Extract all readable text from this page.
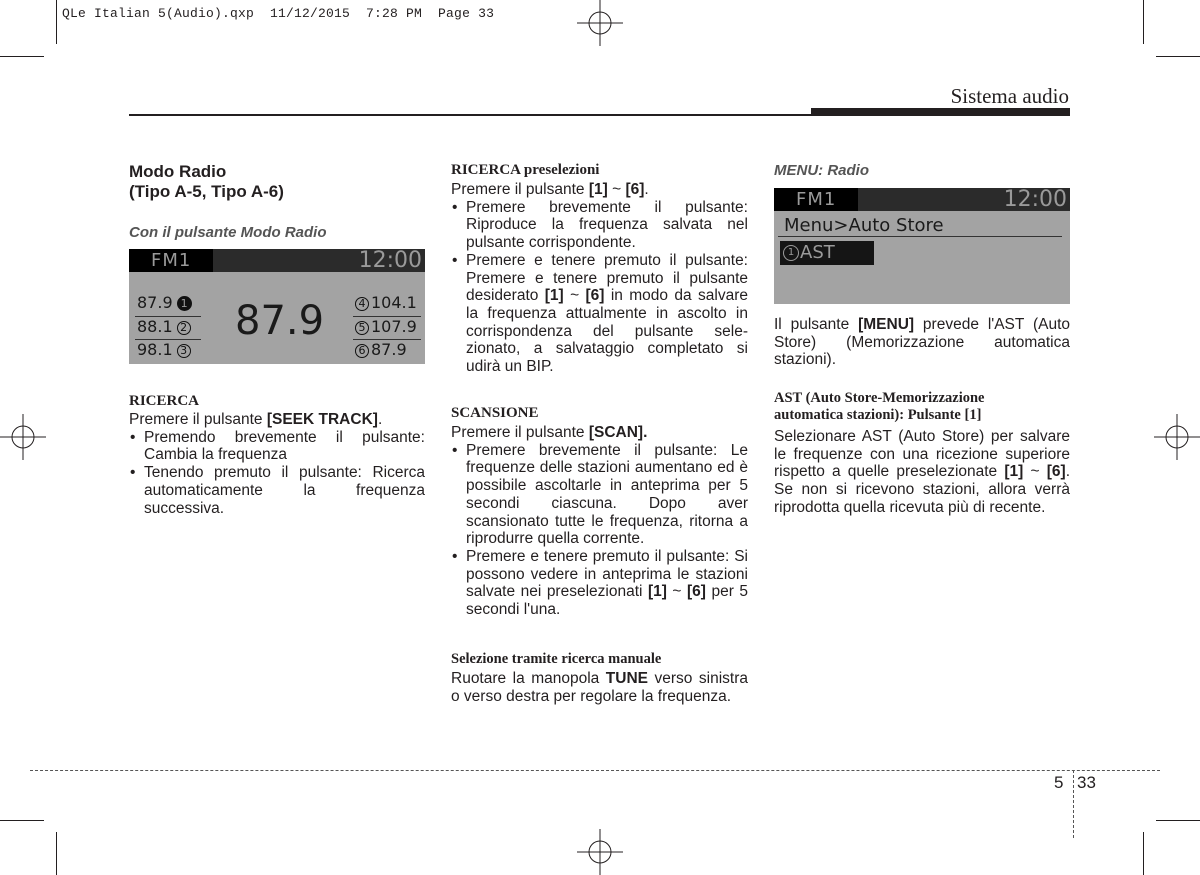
QLe Italian 5(Audio).qxp  11/12/2015  7:28 PM  Page 33
Sistema audio
Modo Radio
(Tipo A-5, Tipo A-6)
Con il pulsante Modo Radio
FM1	12:00
87.9 1
88.1 2
98.1 3
87.9	4 104.1
5 107.9
6 87.9
RICERCA
Premere il pulsante [SEEK TRACK].
• Premendo brevemente il pulsante: Cambia la frequenza
• Tenendo premuto il pulsante: Ricerca automaticamente la frequenza successiva.
RICERCA preselezioni
Premere il pulsante [1] ~ [6].
• Premere brevemente il pulsante: Riproduce la frequenza salvata nel pulsante corrispondente.
• Premere e tenere premuto il pulsante: Premere e tenere premuto il pulsante desiderato [1] ~ [6] in modo da salvare la frequenza attualmente in ascolto in corrispondenza del pulsante sele- zionato, a salvataggio completato si udirà un BIP.
SCANSIONE
Premere il pulsante [SCAN].
• Premere brevemente il pulsante: Le frequenze delle stazioni aumentano ed è possibile ascoltarle in anteprima per 5 secondi ciascuna. Dopo aver scansionato tutte le frequenza, ritorna a riprodurre quella corrente.
• Premere e tenere premuto il pulsante: Si possono vedere in anteprima le stazioni salvate nei preselezionati [1] ~ [6] per 5 secondi l'una.
Selezione tramite ricerca manuale
Ruotare la manopola TUNE verso sinistra o verso destra per regolare la frequenza.
MENU: Radio
FM1	12:00
Menu>Auto Store
1 AST
Il pulsante [MENU] prevede l'AST (Auto Store) (Memorizzazione automatica stazioni).
AST (Auto Store-Memorizzazione
automatica stazioni): Pulsante [1]
Selezionare AST (Auto Store) per salvare le frequenze con una ricezione superiore rispetto a quelle preselezionate [1] ~ [6]. Se non si ricevono stazioni, allora verrà riprodotta quella ricevuta più di recente.
5 33
